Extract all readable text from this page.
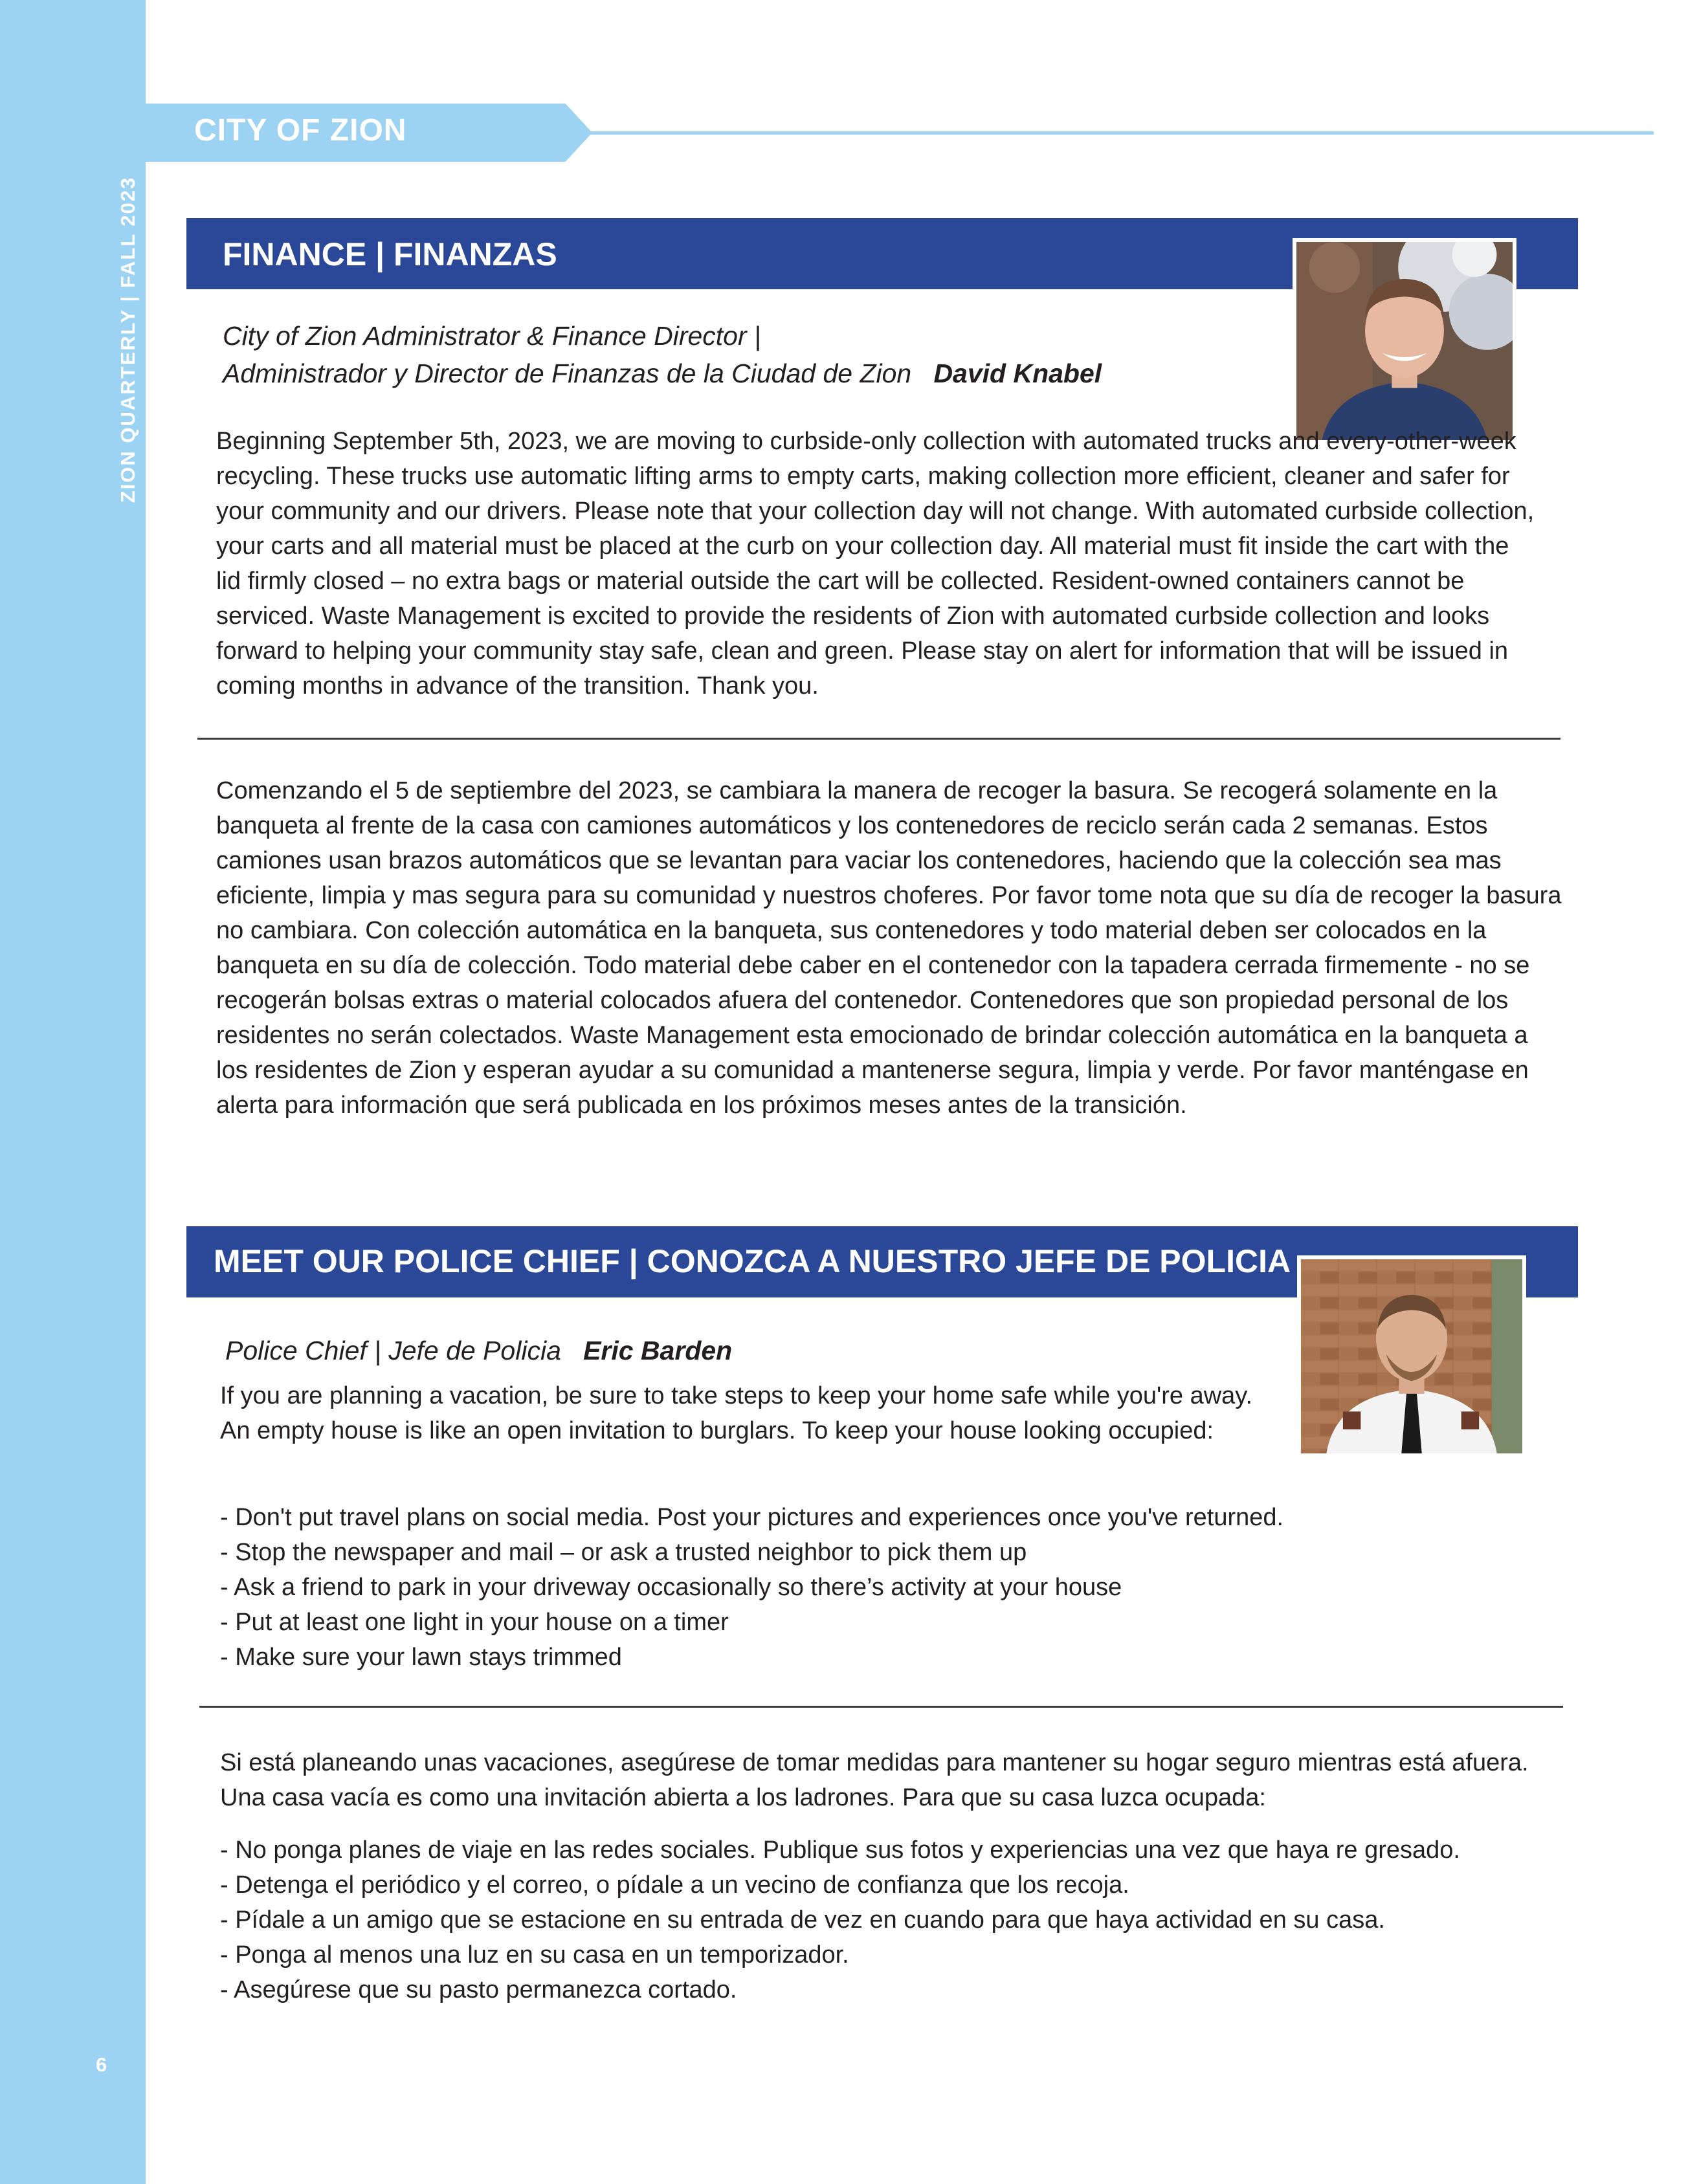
ZION QUARTERLY | FALL 2023
6
CITY OF ZION
FINANCE | FINANZAS
City of Zion Administrator & Finance Director |
Administrador y Director de Finanzas de la Ciudad de Zion David Knabel

Beginning September 5th, 2023, we are moving to curbside-only collection with automated trucks and every-other-week recycling. These trucks use automatic lifting arms to empty carts, making collection more efficient, cleaner and safer for your community and our drivers. Please note that your collection day will not change. With automated curbside collection, your carts and all material must be placed at the curb on your collection day. All material must fit inside the cart with the lid firmly closed – no extra bags or material outside the cart will be collected. Resident-owned containers cannot be serviced. Waste Management is excited to provide the residents of Zion with automated curbside collection and looks forward to helping your community stay safe, clean and green. Please stay on alert for information that will be issued in coming months in advance of the transition. Thank you.

Comenzando el 5 de septiembre del 2023, se cambiara la manera de recoger la basura. Se recogerá solamente en la banqueta al frente de la casa con camiones automáticos y los contenedores de reciclo serán cada 2 semanas. Estos camiones usan brazos automáticos que se levantan para vaciar los contenedores, haciendo que la colección sea mas eficiente, limpia y mas segura para su comunidad y nuestros choferes. Por favor tome nota que su día de recoger la basura no cambiara. Con colección automática en la banqueta, sus contenedores y todo material deben ser colocados en la banqueta en su día de colección. Todo material debe caber en el contenedor con la tapadera cerrada firmemente - no se recogerán bolsas extras o material colocados afuera del contenedor. Contenedores que son propiedad personal de los residentes no serán colectados. Waste Management esta emocionado de brindar colección automática en la banqueta a los residentes de Zion y esperan ayudar a su comunidad a mantenerse segura, limpia y verde. Por favor manténgase en alerta para información que será publicada en los próximos meses antes de la transición.

MEET OUR POLICE CHIEF | CONOZCA A NUESTRO JEFE DE POLICIA
Police Chief | Jefe de Policia Eric Barden

If you are planning a vacation, be sure to take steps to keep your home safe while you're away. An empty house is like an open invitation to burglars. To keep your house looking occupied:

- Don't put travel plans on social media. Post your pictures and experiences once you've returned.
- Stop the newspaper and mail – or ask a trusted neighbor to pick them up
- Ask a friend to park in your driveway occasionally so there’s activity at your house
- Put at least one light in your house on a timer
- Make sure your lawn stays trimmed

Si está planeando unas vacaciones, asegúrese de tomar medidas para mantener su hogar seguro mientras está afuera. Una casa vacía es como una invitación abierta a los ladrones. Para que su casa luzca ocupada:

- No ponga planes de viaje en las redes sociales. Publique sus fotos y experiencias una vez que haya re gresado.
- Detenga el periódico y el correo, o pídale a un vecino de confianza que los recoja.
- Pídale a un amigo que se estacione en su entrada de vez en cuando para que haya actividad en su casa.
- Ponga al menos una luz en su casa en un temporizador.
- Asegúrese que su pasto permanezca cortado.
